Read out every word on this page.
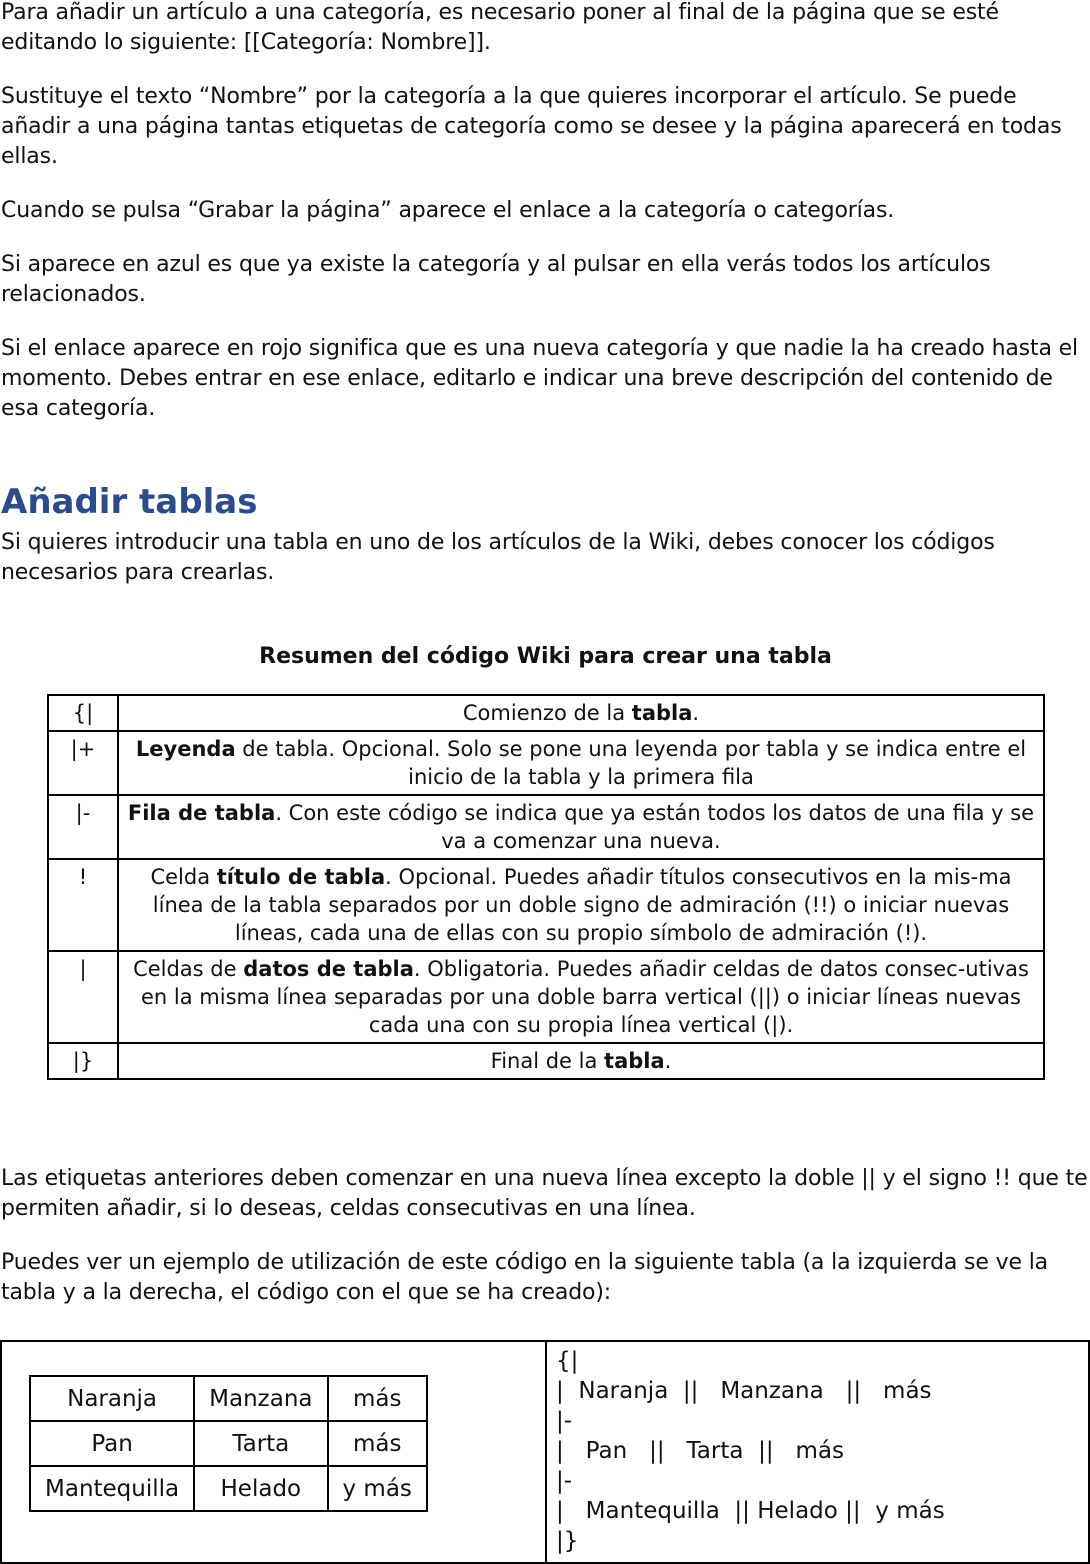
Para añadir un artículo a una categoría, es necesario poner al final de la página que se esté editando lo siguiente: [[Categoría: Nombre]].

Sustituye el texto “Nombre” por la categoría a la que quieres incorporar el artículo. Se puede añadir a una página tantas etiquetas de categoría como se desee y la página aparecerá en todas ellas.

Cuando se pulsa “Grabar la página” aparece el enlace a la categoría o categorías.

Si aparece en azul es que ya existe la categoría y al pulsar en ella verás todos los artículos relacionados.

Si el enlace aparece en rojo significa que es una nueva categoría y que nadie la ha creado hasta el momento. Debes entrar en ese enlace, editarlo e indicar una breve descripción del contenido de esa categoría.

Añadir tablas

Si quieres introducir una tabla en uno de los artículos de la Wiki, debes conocer los códigos necesarios para crearlas.

Resumen del código Wiki para crear una tabla
{|	Comienzo de la tabla.
|+	Leyenda de tabla. Opcional. Solo se pone una leyenda por tabla y se indica entre el inicio de la tabla y la primera fila
|-	Fila de tabla. Con este código se indica que ya están todos los datos de una fila y se va a comenzar una nueva.
!	Celda título de tabla. Opcional. Puedes añadir títulos consecutivos en la mis-ma línea de la tabla separados por un doble signo de admiración (!!) o iniciar nuevas líneas, cada una de ellas con su propio símbolo de admiración (!).
|	Celdas de datos de tabla. Obligatoria. Puedes añadir celdas de datos consec-utivas en la misma línea separadas por una doble barra vertical (||) o iniciar líneas nuevas cada una con su propia línea vertical (|).
|}	Final de la tabla.

Las etiquetas anteriores deben comenzar en una nueva línea excepto la doble || y el signo !! que te permiten añadir, si lo deseas, celdas consecutivas en una línea.

Puedes ver un ejemplo de utilización de este código en la siguiente tabla (a la izquierda se ve la tabla y a la derecha, el código con el que se ha creado):

Naranja	Manzana	más
Pan	Tarta	más
Mantequilla	Helado	y más
{|
|  Naranja  ||   Manzana   ||   más
|-
|   Pan   ||   Tarta  ||   más
|-
|   Mantequilla  || Helado ||  y más
|}
